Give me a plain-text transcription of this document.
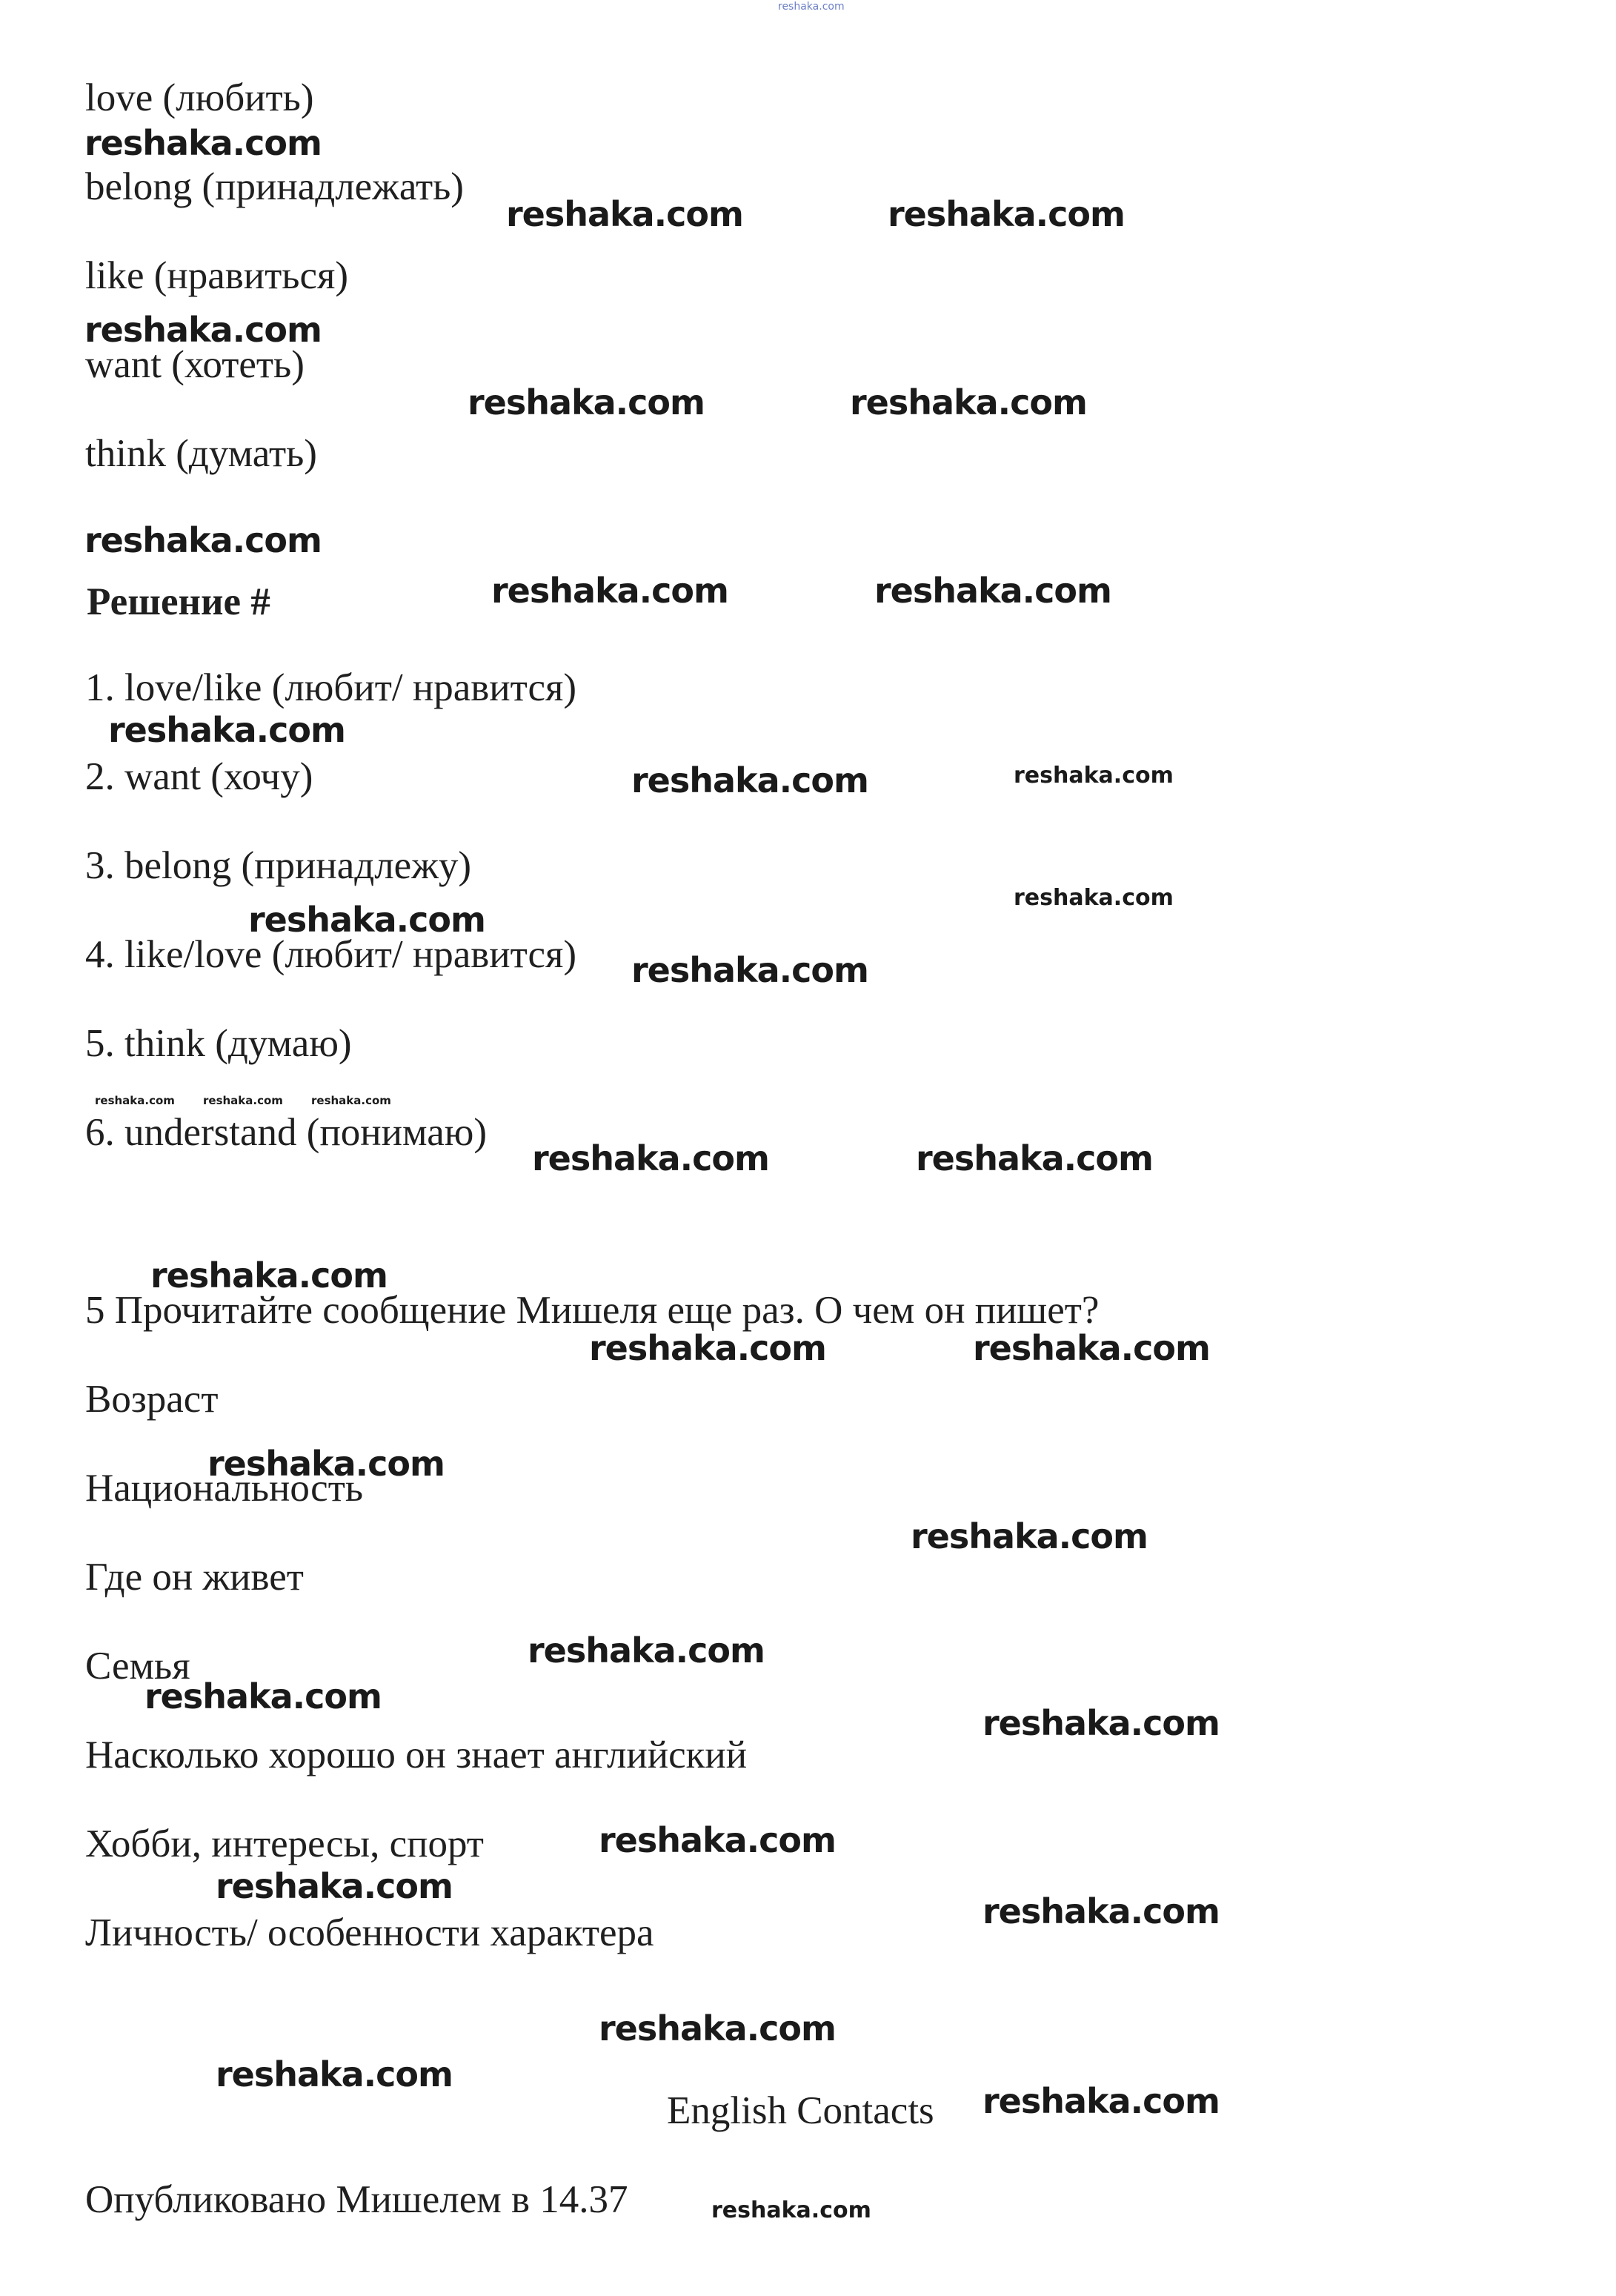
reshaka.com
love (любить)
belong (принадлежать)
like (нравиться)
want (хотеть)
think (думать)
Решение #
1. love/like (любит/ нравится)
2. want (хочу)
3. belong (принадлежу)
4. like/love (любит/ нравится)
5. think (думаю)
6. understand (понимаю)
5 Прочитайте сообщение Мишеля еще раз. О чем он пишет?
Возраст
Национальность
Где он живет
Семья
Насколько хорошо он знает английский
Хобби, интересы, спорт
Личность/ особенности характера
English Contacts
Опубликовано Мишелем в 14.37
reshaka.com
reshaka.com	reshaka.com
reshaka.com
reshaka.com	reshaka.com
reshaka.com
reshaka.com	reshaka.com
reshaka.com
reshaka.com	reshaka.com
reshaka.com
reshaka.com
reshaka.com
reshaka.com	reshaka.com	reshaka.com
reshaka.com	reshaka.com
reshaka.com
reshaka.com	reshaka.com
reshaka.com
reshaka.com
reshaka.com
reshaka.com
reshaka.com
reshaka.com
reshaka.com
reshaka.com
reshaka.com
reshaka.com
reshaka.com
reshaka.com
